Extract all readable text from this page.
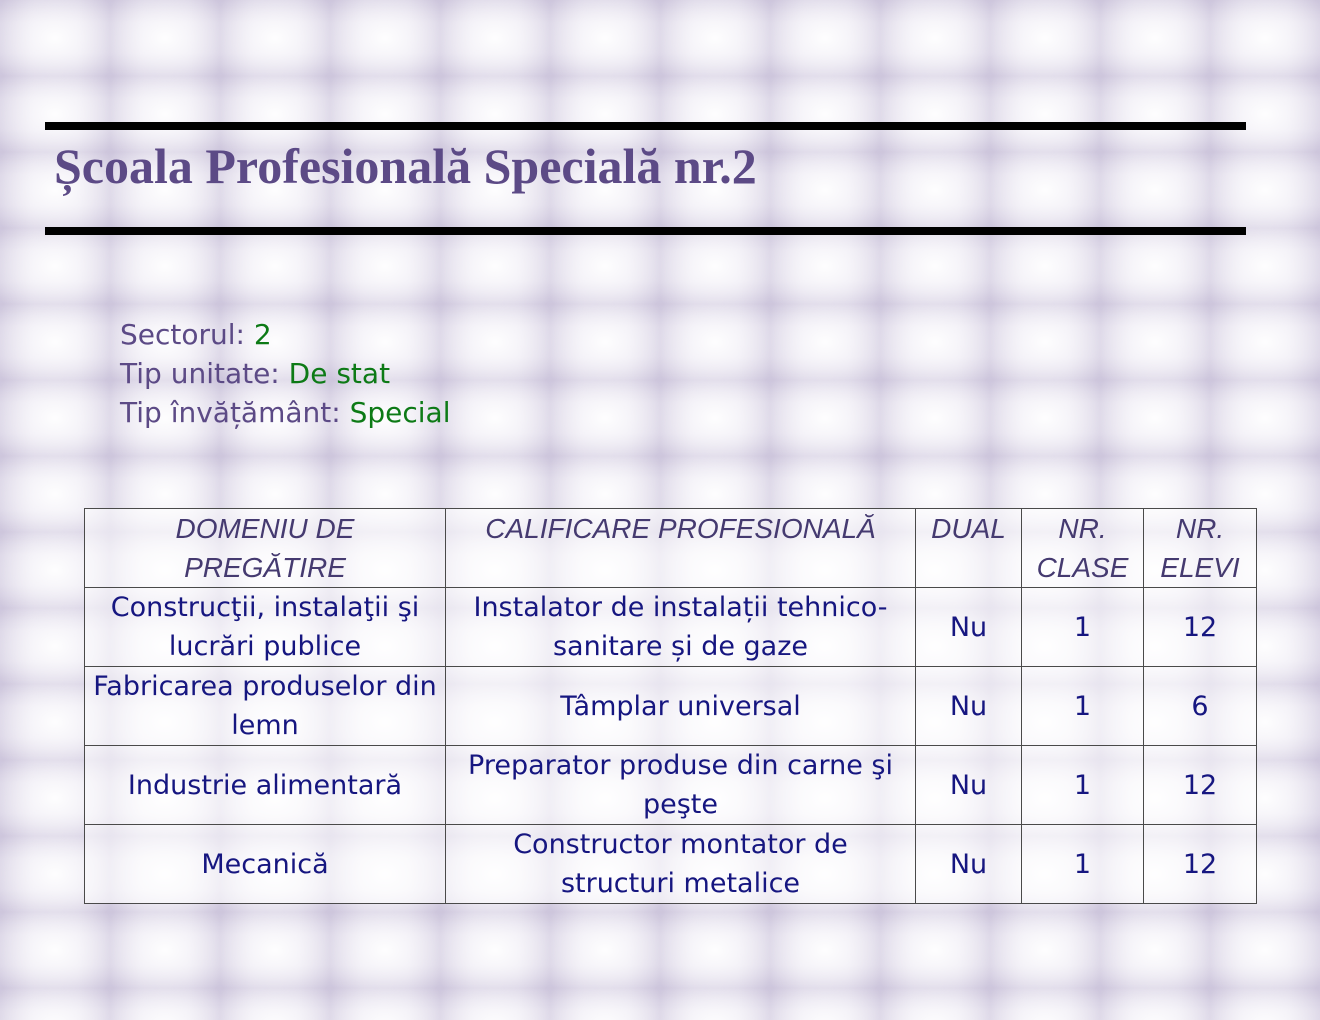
Școala Profesională Specială nr.2
Sectorul: 2
Tip unitate: De stat
Tip învățământ: Special
DOMENIU DE PREGĂTIRE	CALIFICARE PROFESIONALĂ	DUAL	NR. CLASE	NR. ELEVI
Construcţii, instalaţii şi lucrări publice	Instalator de instalații tehnico-sanitare și de gaze	Nu	1	12
Fabricarea produselor din lemn	Tâmplar universal	Nu	1	6
Industrie alimentară	Preparator produse din carne şi peşte	Nu	1	12
Mecanică	Constructor montator de structuri metalice	Nu	1	12
